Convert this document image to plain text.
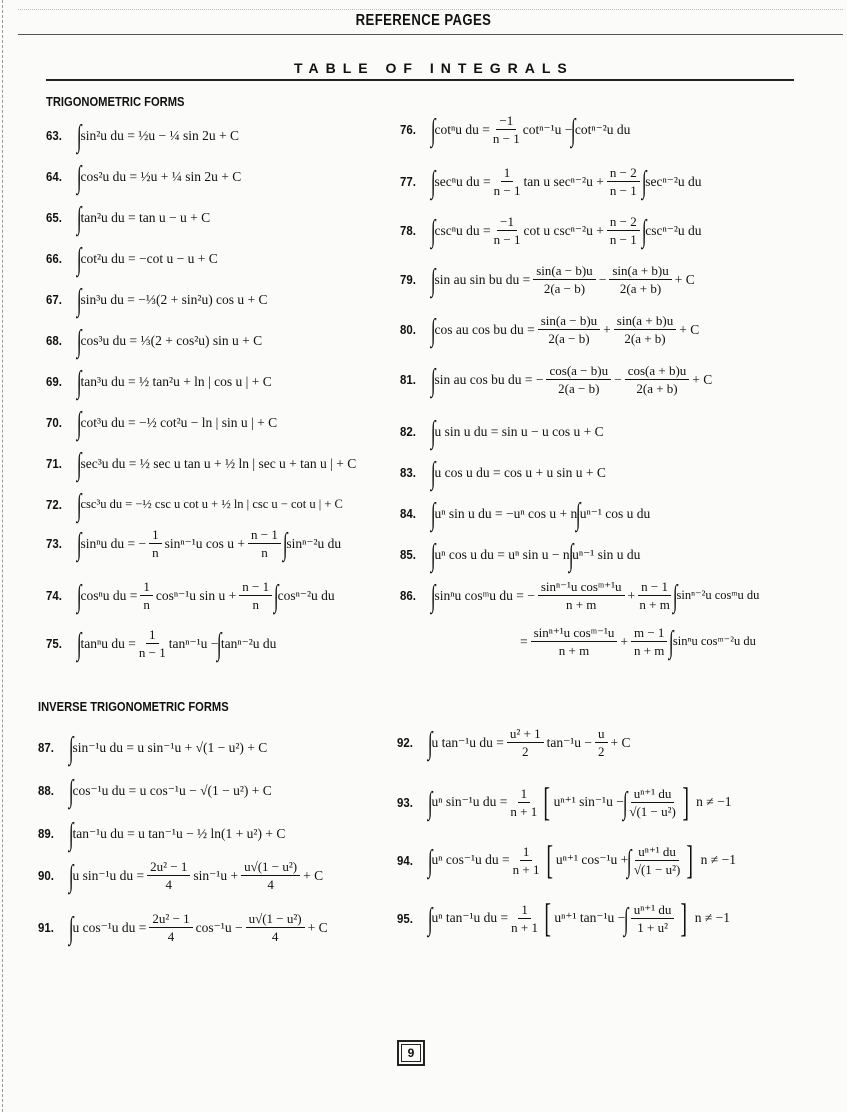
REFERENCE PAGES
TABLE OF INTEGRALS
TRIGONOMETRIC FORMS
63. ∫
sin²u du = ½u − ¼ sin 2u + C
64. ∫
cos²u du = ½u + ¼ sin 2u + C
65. ∫
tan²u du = tan u − u + C
66. ∫
cot²u du = −cot u − u + C
67. ∫
sin³u du = −⅓(2 + sin²u) cos u + C
68. ∫
cos³u du = ⅓(2 + cos²u) sin u + C
69. ∫
tan³u du = ½ tan²u + ln | cos u | + C
70. ∫
cot³u du = −½ cot²u − ln | sin u | + C
71. ∫
sec³u du = ½ sec u tan u + ½ ln | sec u + tan u | + C
72. ∫
csc³u du = −½ csc u cot u + ½ ln | csc u − cot u | + C
73. ∫
sinⁿu du = − $\frac{1}{n} \sin^{n-1}u$ $\cos u + \frac{n - 1}{n}$ ∫
sinⁿ⁻²u du
74. ∫
cosⁿu du = $\frac{1}{n} \cos^{n-1}u$ $\sin u + \frac{n - 1}{n}$ ∫
cosⁿ⁻²u du
75. ∫
tanⁿu du = $\frac{1}{n - 1} \tan^{n-1}u$ −
∫
tanⁿ⁻²u du
76. ∫
cotⁿu du = $\frac{-1}{n - 1} \cot^{n-1}u$ −
∫
cotⁿ⁻²u du
77. ∫
secⁿu du = $\frac{1}{n - 1}$ tan u $\sec^{n-2}u + \frac{n - 2}{n - 1}$ ∫
secⁿ⁻²u du
78. ∫
cscⁿu du = $\frac{-1}{n - 1}$ cot u $\csc^{n-2}u + \frac{n - 2}{n - 1}$ ∫
cscⁿ⁻²u du
79. ∫
sin au sin bu du = $\frac{\sin(a - b)u}{2(a - b)} - \frac{\sin(a + b)u}{2(a + b)} + C$
80. ∫
cos au cos bu du = $\frac{\sin(a - b)u}{2(a - b)} + \frac{\sin(a + b)u}{2(a + b)} + C$
81. ∫
sin au cos bu du = − $\frac{\cos(a - b)u}{2(a - b)} - \frac{\cos(a + b)u}{2(a + b)} + C$
82. ∫
u sin u du = sin u − u cos u + C
83. ∫
u cos u du = cos u + u sin u + C
84. ∫
uⁿ sin u du = −uⁿ cos u + n
∫
uⁿ⁻¹ cos u du
85. ∫
uⁿ cos u du = uⁿ sin u − n
∫
uⁿ⁻¹ sin u du
86. ∫
sinⁿu cosᵐu du = − $\frac{\text{sinⁿ⁻¹u cosᵐ⁺¹u}}{n + m} + \frac{n - 1}{n + m}$ ∫
sinⁿ⁻²u cosᵐu du
= $\frac{\text{sinⁿ⁺¹u cosᵐ⁻¹u}}{n + m} + \frac{m - 1}{n + m}$ ∫
sinⁿu cosᵐ⁻²u du
INVERSE TRIGONOMETRIC FORMS
87. ∫
sin⁻¹u du = u sin⁻¹u + √(1 − u²) + C
88. ∫
cos⁻¹u du = u cos⁻¹u − √(1 − u²) + C
89. ∫
tan⁻¹u du = u tan⁻¹u − ½ ln(1 + u²) + C
90. ∫
u sin⁻¹u du = $\frac{\text{2u² − 1}}{4} \sin^{-1}u + \frac{\text{u√(1 − u²)}}{4} + C$
91. ∫
u cos⁻¹u du = $\frac{\text{2u² − 1}}{4} \cos^{-1}u - \frac{\text{u√(1 − u²)}}{4} + C$
92. ∫
u tan⁻¹u du = $\frac{\text{u² + 1}}{2} \tan^{-1}u - \frac{u}{2} + C$
93. ∫
uⁿ sin⁻¹u du = $\frac{1}{n + 1}$ [ uⁿ⁺¹ sin⁻¹u −
∫ $\frac{\text{uⁿ⁺¹ du}}{\text{√(1 − u²)}}$ ] n ≠ −1
94. ∫
uⁿ cos⁻¹u du = $\frac{1}{n + 1}$ [ uⁿ⁺¹ cos⁻¹u +
∫ $\frac{\text{uⁿ⁺¹ du}}{\text{√(1 − u²)}}$ ] n ≠ −1
95. ∫
uⁿ tan⁻¹u du = $\frac{1}{n + 1}$ [ uⁿ⁺¹ tan⁻¹u −
∫ $\frac{\text{uⁿ⁺¹ du}}{\text{1 + u²}}$ ] n ≠ −1
9
